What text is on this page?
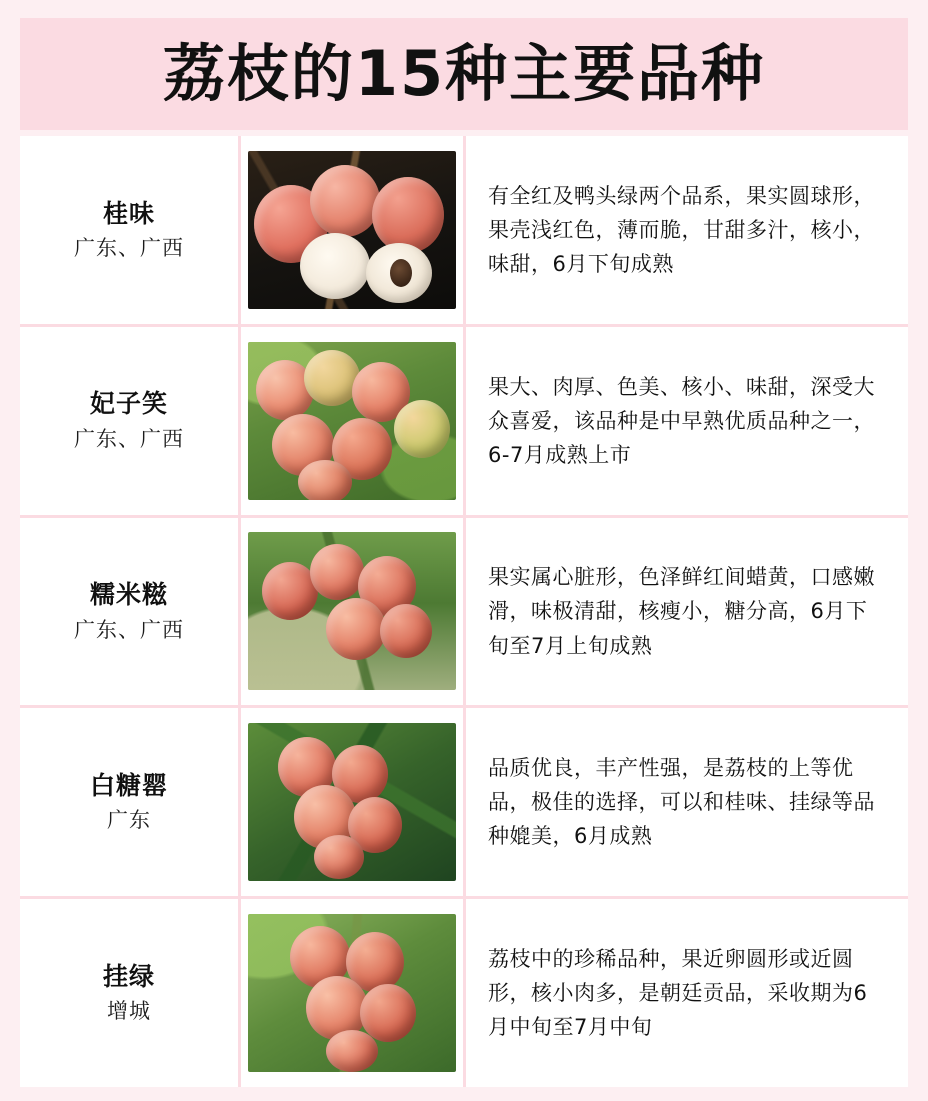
荔枝的15种主要品种
桂味
广东、广西
有全红及鸭头绿两个品系，果实圆球形，果壳浅红色，薄而脆，甘甜多汁，核小，味甜，6月下旬成熟
妃子笑
广东、广西
果大、肉厚、色美、核小、味甜，深受大众喜爱，该品种是中早熟优质品种之一，6-7月成熟上市
糯米糍
广东、广西
果实属心脏形，色泽鲜红间蜡黄，口感嫩滑，味极清甜，核瘦小，糖分高，6月下旬至7月上旬成熟
白糖罂
广东
品质优良，丰产性强，是荔枝的上等优品，极佳的选择，可以和桂味、挂绿等品种媲美，6月成熟
挂绿
增城
荔枝中的珍稀品种，果近卵圆形或近圆形，核小肉多，是朝廷贡品，采收期为6月中旬至7月中旬
